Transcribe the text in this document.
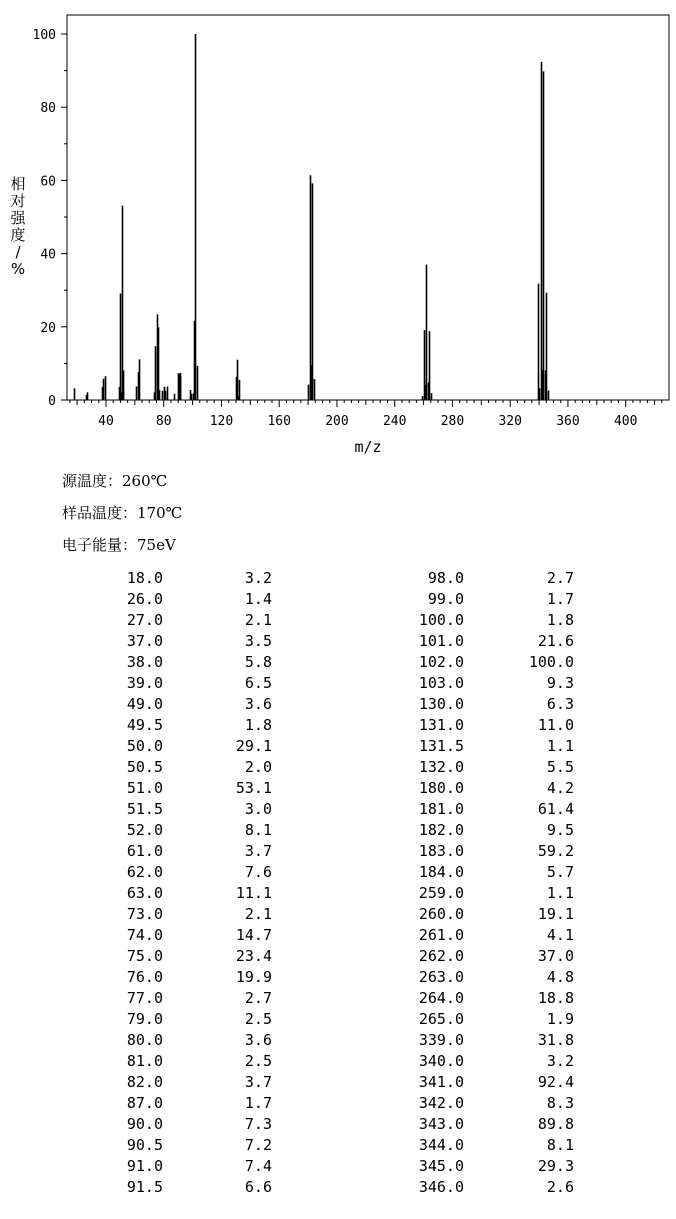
0
20
40
60
80
100
40	80	120	160	200	240	280	320	360	400
m/z
相
对
强
度
/
%
源温度：260℃
样品温度：170℃
电子能量：75eV
18.0	3.2	98.0	2.7
26.0	1.4	99.0	1.7
27.0	2.1	100.0	1.8
37.0	3.5	101.0	21.6
38.0	5.8	102.0	100.0
39.0	6.5	103.0	9.3
49.0	3.6	130.0	6.3
49.5	1.8	131.0	11.0
50.0	29.1	131.5	1.1
50.5	2.0	132.0	5.5
51.0	53.1	180.0	4.2
51.5	3.0	181.0	61.4
52.0	8.1	182.0	9.5
61.0	3.7	183.0	59.2
62.0	7.6	184.0	5.7
63.0	11.1	259.0	1.1
73.0	2.1	260.0	19.1
74.0	14.7	261.0	4.1
75.0	23.4	262.0	37.0
76.0	19.9	263.0	4.8
77.0	2.7	264.0	18.8
79.0	2.5	265.0	1.9
80.0	3.6	339.0	31.8
81.0	2.5	340.0	3.2
82.0	3.7	341.0	92.4
87.0	1.7	342.0	8.3
90.0	7.3	343.0	89.8
90.5	7.2	344.0	8.1
91.0	7.4	345.0	29.3
91.5	6.6	346.0	2.6
